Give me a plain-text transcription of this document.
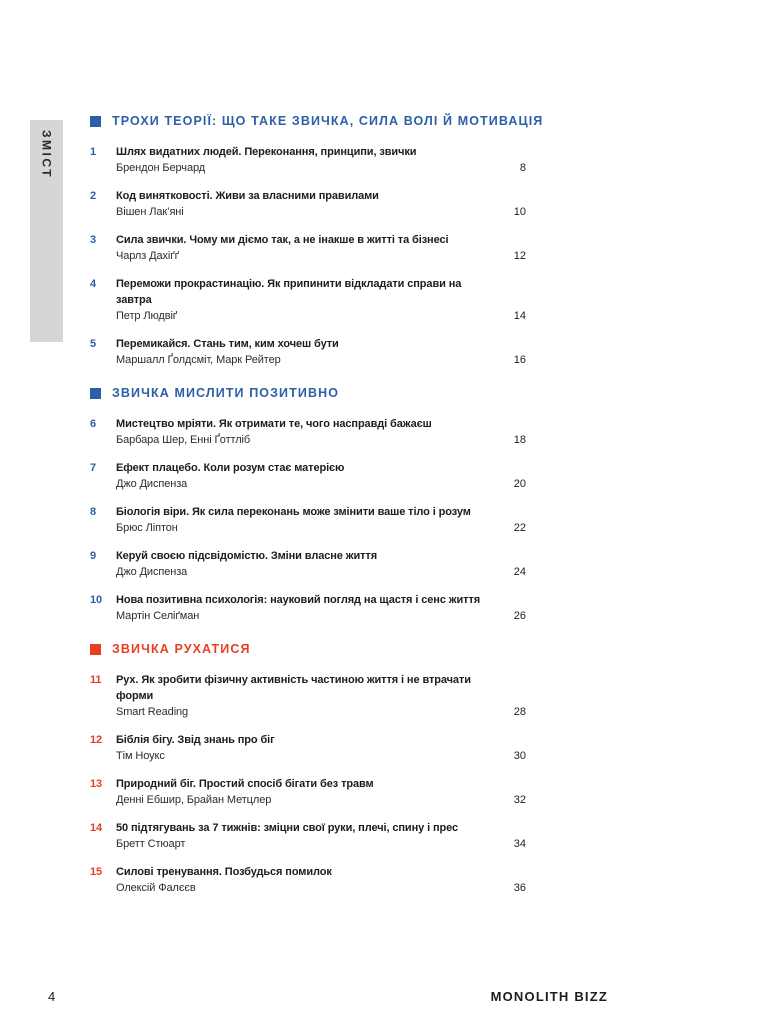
ЗМІСТ
ТРОХИ ТЕОРІЇ: ЩО ТАКЕ ЗВИЧКА, СИЛА ВОЛІ Й МОТИВАЦІЯ
1	Шлях видатних людей. Переконання, принципи, звички
Брендон Берчард	8
2	Код винятковості. Живи за власними правилами
Вішен Лак’яні	10
3	Сила звички. Чому ми діємо так, а не інакше в житті та бізнесі
Чарлз Дахіґґ	12
4	Переможи прокрастинацію. Як припинити відкладати справи на завтра
Петр Людвіґ	14
5	Перемикайся. Стань тим, ким хочеш бути
Маршалл Ґолдсміт, Марк Рейтер	16
ЗВИЧКА МИСЛИТИ ПОЗИТИВНО
6	Мистецтво мріяти. Як отримати те, чого насправді бажаєш
Барбара Шер, Енні Ґоттліб	18
7	Ефект плацебо. Коли розум стає матерією
Джо Диспенза	20
8	Біологія віри. Як сила переконань може змінити ваше тіло і розум
Брюс Ліптон	22
9	Керуй своєю підсвідомістю. Зміни власне життя
Джо Диспенза	24
10	Нова позитивна психологія: науковий погляд на щастя і сенс життя
Мартін Селіґман	26
ЗВИЧКА РУХАТИСЯ
11	Рух. Як зробити фізичну активність частиною життя і не втрачати форми
Smart Reading	28
12	Біблія бігу. Звід знань про біг
Тім Ноукс	30
13	Природний біг. Простий спосіб бігати без травм
Денні Ебшир, Брайан Метцлер	32
14	50 підтягувань за 7 тижнів: зміцни свої руки, плечі, спину і прес
Бретт Стюарт	34
15	Силові тренування. Позбудься помилок
Олексій Фалєєв	36
4	MONOLITH BIZZ
